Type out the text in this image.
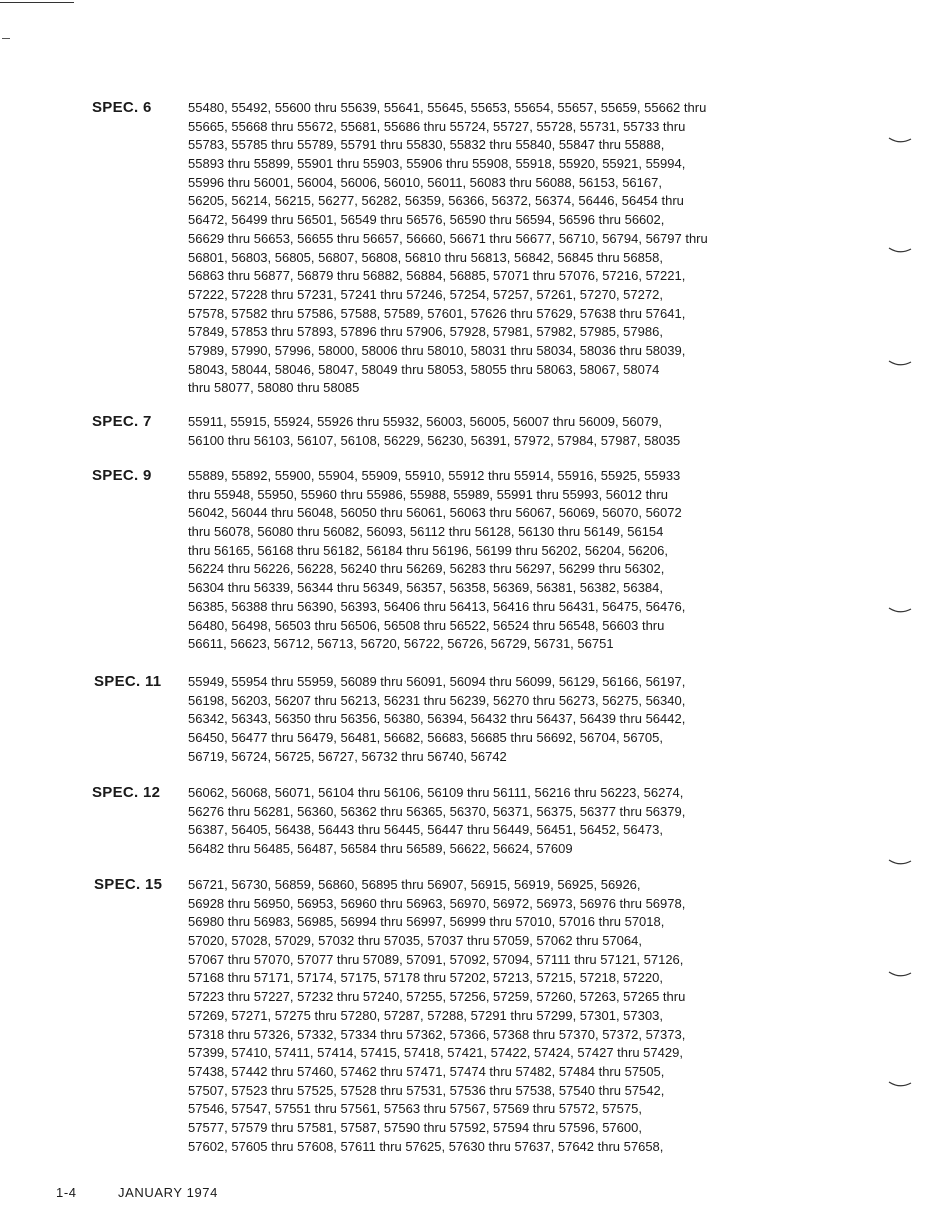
SPEC. 6	55480, 55492, 55600 thru 55639, 55641, 55645, 55653, 55654, 55657, 55659, 55662 thru
55665, 55668 thru 55672, 55681, 55686 thru 55724, 55727, 55728, 55731, 55733 thru
55783, 55785 thru 55789, 55791 thru 55830, 55832 thru 55840, 55847 thru 55888,
55893 thru 55899, 55901 thru 55903, 55906 thru 55908, 55918, 55920, 55921, 55994,
55996 thru 56001, 56004, 56006, 56010, 56011, 56083 thru 56088, 56153, 56167,
56205, 56214, 56215, 56277, 56282, 56359, 56366, 56372, 56374, 56446, 56454 thru
56472, 56499 thru 56501, 56549 thru 56576, 56590 thru 56594, 56596 thru 56602,
56629 thru 56653, 56655 thru 56657, 56660, 56671 thru 56677, 56710, 56794, 56797 thru
56801, 56803, 56805, 56807, 56808, 56810 thru 56813, 56842, 56845 thru 56858,
56863 thru 56877, 56879 thru 56882, 56884, 56885, 57071 thru 57076, 57216, 57221,
57222, 57228 thru 57231, 57241 thru 57246, 57254, 57257, 57261, 57270, 57272,
57578, 57582 thru 57586, 57588, 57589, 57601, 57626 thru 57629, 57638 thru 57641,
57849, 57853 thru 57893, 57896 thru 57906, 57928, 57981, 57982, 57985, 57986,
57989, 57990, 57996, 58000, 58006 thru 58010, 58031 thru 58034, 58036 thru 58039,
58043, 58044, 58046, 58047, 58049 thru 58053, 58055 thru 58063, 58067, 58074
thru 58077, 58080 thru 58085
SPEC. 7	55911, 55915, 55924, 55926 thru 55932, 56003, 56005, 56007 thru 56009, 56079,
56100 thru 56103, 56107, 56108, 56229, 56230, 56391, 57972, 57984, 57987, 58035
SPEC. 9	55889, 55892, 55900, 55904, 55909, 55910, 55912 thru 55914, 55916, 55925, 55933
thru 55948, 55950, 55960 thru 55986, 55988, 55989, 55991 thru 55993, 56012 thru
56042, 56044 thru 56048, 56050 thru 56061, 56063 thru 56067, 56069, 56070, 56072
thru 56078, 56080 thru 56082, 56093, 56112 thru 56128, 56130 thru 56149, 56154
thru 56165, 56168 thru 56182, 56184 thru 56196, 56199 thru 56202, 56204, 56206,
56224 thru 56226, 56228, 56240 thru 56269, 56283 thru 56297, 56299 thru 56302,
56304 thru 56339, 56344 thru 56349, 56357, 56358, 56369, 56381, 56382, 56384,
56385, 56388 thru 56390, 56393, 56406 thru 56413, 56416 thru 56431, 56475, 56476,
56480, 56498, 56503 thru 56506, 56508 thru 56522, 56524 thru 56548, 56603 thru
56611, 56623, 56712, 56713, 56720, 56722, 56726, 56729, 56731, 56751
SPEC. 11	55949, 55954 thru 55959, 56089 thru 56091, 56094 thru 56099, 56129, 56166, 56197,
56198, 56203, 56207 thru 56213, 56231 thru 56239, 56270 thru 56273, 56275, 56340,
56342, 56343, 56350 thru 56356, 56380, 56394, 56432 thru 56437, 56439 thru 56442,
56450, 56477 thru 56479, 56481, 56682, 56683, 56685 thru 56692, 56704, 56705,
56719, 56724, 56725, 56727, 56732 thru 56740, 56742
SPEC. 12	56062, 56068, 56071, 56104 thru 56106, 56109 thru 56111, 56216 thru 56223, 56274,
56276 thru 56281, 56360, 56362 thru 56365, 56370, 56371, 56375, 56377 thru 56379,
56387, 56405, 56438, 56443 thru 56445, 56447 thru 56449, 56451, 56452, 56473,
56482 thru 56485, 56487, 56584 thru 56589, 56622, 56624, 57609
SPEC. 15	56721, 56730, 56859, 56860, 56895 thru 56907, 56915, 56919, 56925, 56926,
56928 thru 56950, 56953, 56960 thru 56963, 56970, 56972, 56973, 56976 thru 56978,
56980 thru 56983, 56985, 56994 thru 56997, 56999 thru 57010, 57016 thru 57018,
57020, 57028, 57029, 57032 thru 57035, 57037 thru 57059, 57062 thru 57064,
57067 thru 57070, 57077 thru 57089, 57091, 57092, 57094, 57111 thru 57121, 57126,
57168 thru 57171, 57174, 57175, 57178 thru 57202, 57213, 57215, 57218, 57220,
57223 thru 57227, 57232 thru 57240, 57255, 57256, 57259, 57260, 57263, 57265 thru
57269, 57271, 57275 thru 57280, 57287, 57288, 57291 thru 57299, 57301, 57303,
57318 thru 57326, 57332, 57334 thru 57362, 57366, 57368 thru 57370, 57372, 57373,
57399, 57410, 57411, 57414, 57415, 57418, 57421, 57422, 57424, 57427 thru 57429,
57438, 57442 thru 57460, 57462 thru 57471, 57474 thru 57482, 57484 thru 57505,
57507, 57523 thru 57525, 57528 thru 57531, 57536 thru 57538, 57540 thru 57542,
57546, 57547, 57551 thru 57561, 57563 thru 57567, 57569 thru 57572, 57575,
57577, 57579 thru 57581, 57587, 57590 thru 57592, 57594 thru 57596, 57600,
57602, 57605 thru 57608, 57611 thru 57625, 57630 thru 57637, 57642 thru 57658,
1-4	JANUARY 1974
